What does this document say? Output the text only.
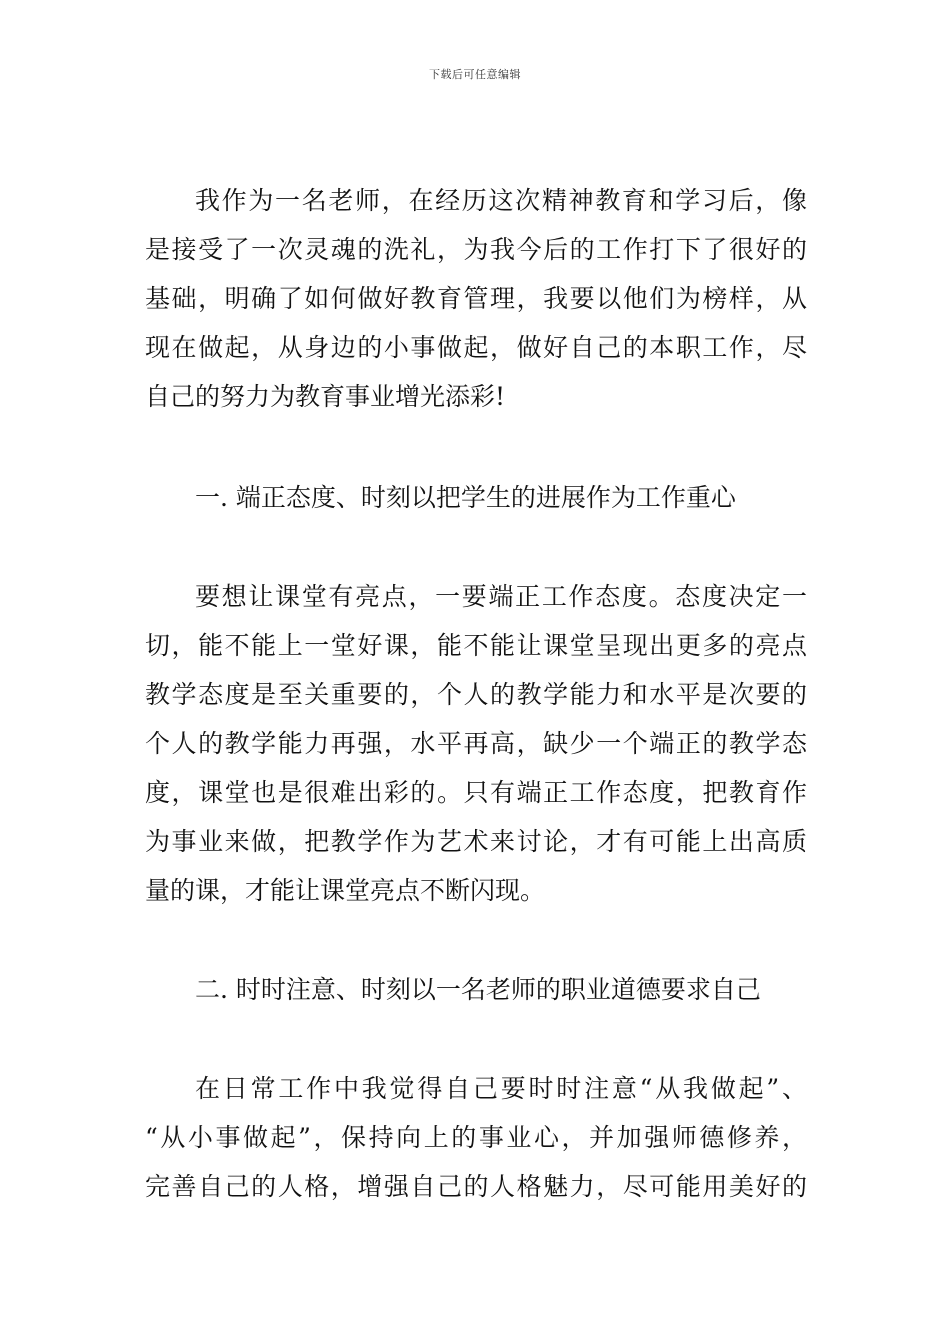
下载后可任意编辑

我作为一名老师，在经历这次精神教育和学习后，像
是接受了一次灵魂的洗礼，为我今后的工作打下了很好的
基础，明确了如何做好教育管理，我要以他们为榜样，从
现在做起，从身边的小事做起，做好自己的本职工作，尽
自己的努力为教育事业增光添彩!

一. 端正态度、时刻以把学生的进展作为工作重心

要想让课堂有亮点，一要端正工作态度。态度决定一
切，能不能上一堂好课，能不能让课堂呈现出更多的亮点
教学态度是至关重要的，个人的教学能力和水平是次要的
个人的教学能力再强，水平再高，缺少一个端正的教学态
度，课堂也是很难出彩的。只有端正工作态度，把教育作
为事业来做，把教学作为艺术来讨论，才有可能上出高质
量的课，才能让课堂亮点不断闪现。

二. 时时注意、时刻以一名老师的职业道德要求自己

在日常工作中我觉得自己要时时注意“从我做起”、
“从小事做起”，保持向上的事业心，并加强师德修养，
完善自己的人格，增强自己的人格魅力，尽可能用美好的
